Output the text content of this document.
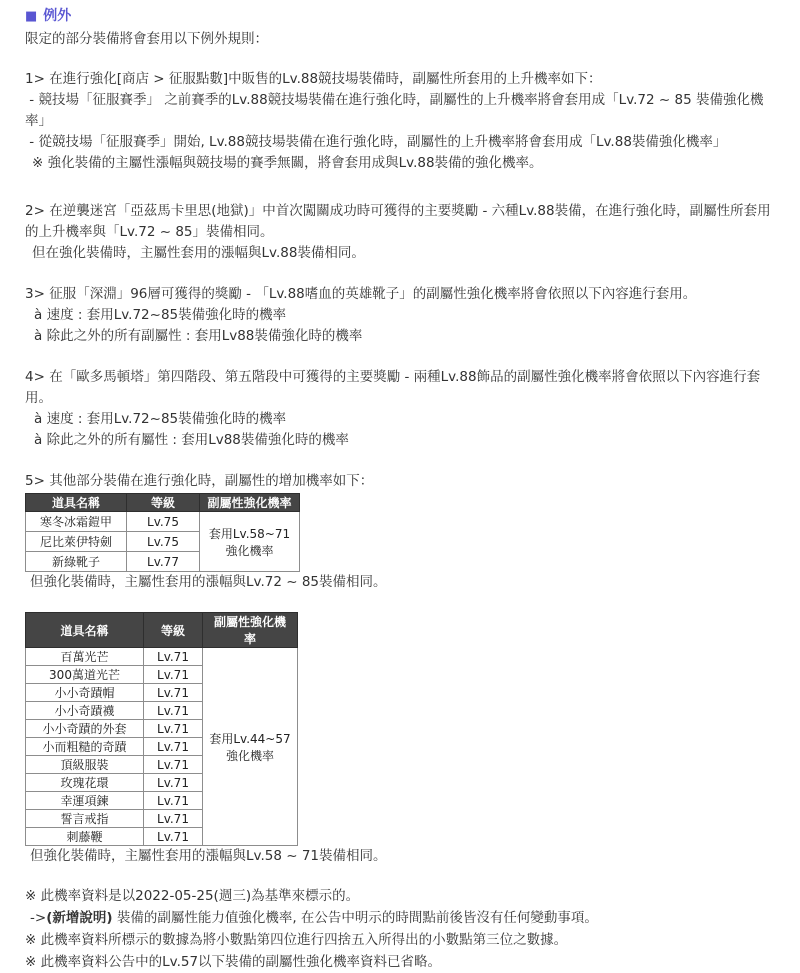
■ 例外

限定的部分裝備將會套用以下例外規則：

1> 在進行強化[商店 > 征服點數]中販售的Lv.88競技場裝備時，副屬性所套用的上升機率如下：

- 競技場「征服賽季」 之前賽季的Lv.88競技場裝備在進行強化時，副屬性的上升機率將會套用成「Lv.72 ~ 85 裝備強化機率」

- 從競技場「征服賽季」開始, Lv.88競技場裝備在進行強化時，副屬性的上升機率將會套用成「Lv.88裝備強化機率」

※ 強化裝備的主屬性漲幅與競技場的賽季無關，將會套用成與Lv.88裝備的強化機率。

2> 在逆襲迷宮「亞茲馬卡里思(地獄)」中首次闖關成功時可獲得的主要獎勵 - 六種Lv.88裝備，在進行強化時，副屬性所套用的上升機率與「Lv.72 ~ 85」裝備相同。

但在強化裝備時，主屬性套用的漲幅與Lv.88裝備相同。

3> 征服「深淵」96層可獲得的獎勵 - 「Lv.88嗜血的英雄靴子」的副屬性強化機率將會依照以下內容進行套用。

à 速度 : 套用Lv.72~85裝備強化時的機率

à 除此之外的所有副屬性 : 套用Lv88裝備強化時的機率

4> 在「歐多馬頓塔」第四階段、第五階段中可獲得的主要獎勵 - 兩種Lv.88飾品的副屬性強化機率將會依照以下內容進行套用。

à 速度 : 套用Lv.72~85裝備強化時的機率

à 除此之外的所有屬性 : 套用Lv88裝備強化時的機率

5> 其他部分裝備在進行強化時，副屬性的增加機率如下：

道具名稱	等級	副屬性強化機率
寒冬冰霜鎧甲	Lv.75	套用Lv.58~71強化機率
尼比萊伊特劍	Lv.75	
新綠靴子	Lv.77	

但強化裝備時，主屬性套用的漲幅與Lv.72 ~ 85裝備相同。

道具名稱	等級	副屬性強化機率
百萬光芒	Lv.71	套用Lv.44~57強化機率
300萬道光芒	Lv.71	
小小奇蹟帽	Lv.71	
小小奇蹟襪	Lv.71	
小小奇蹟的外套	Lv.71	
小而粗糙的奇蹟	Lv.71	
頂級服裝	Lv.71	
玫瑰花環	Lv.71	
幸運項鍊	Lv.71	
誓言戒指	Lv.71	
刺藤鞭	Lv.71	

但強化裝備時，主屬性套用的漲幅與Lv.58 ~ 71裝備相同。

※ 此機率資料是以2022-05-25(週三)為基準來標示的。

->(新增說明) 裝備的副屬性能力值強化機率, 在公告中明示的時間點前後皆沒有任何變動事項。

※ 此機率資料所標示的數據為將小數點第四位進行四捨五入所得出的小數點第三位之數據。

※ 此機率資料公告中的Lv.57以下裝備的副屬性強化機率資料已省略。
